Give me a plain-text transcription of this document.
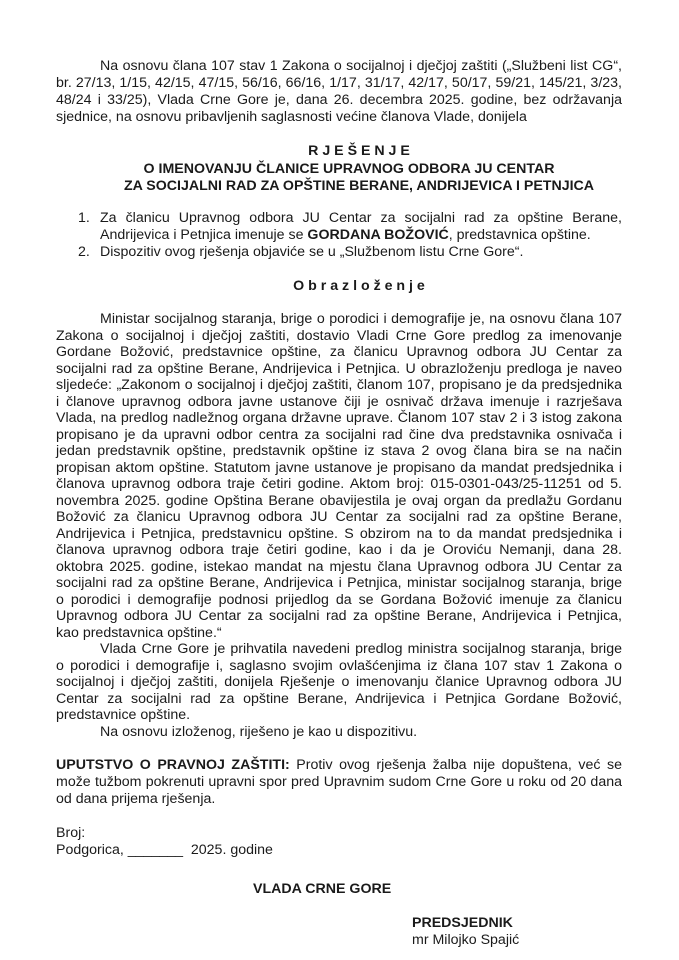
Na osnovu člana 107 stav 1 Zakona o socijalnoj i dječjoj zaštiti („Službeni list CG“,
br. 27/13, 1/15, 42/15, 47/15, 56/16, 66/16, 1/17, 31/17, 42/17, 50/17, 59/21, 145/21, 3/23,
48/24 i 33/25), Vlada Crne Gore je, dana 26. decembra 2025. godine, bez održavanja
sjednice, na osnovu pribavljenih saglasnosti većine članova Vlade, donijela
R J E Š E N J E
O IMENOVANJU ČLANICE UPRAVNOG ODBORA JU CENTAR
ZA SOCIJALNI RAD ZA OPŠTINE BERANE, ANDRIJEVICA I PETNJICA
1. Za članicu Upravnog odbora JU Centar za socijalni rad za opštine Berane,
Andrijevica i Petnjica imenuje se GORDANA BOŽOVIĆ, predstavnica opštine.
2. Dispozitiv ovog rješenja objaviće se u „Službenom listu Crne Gore“.
O b r a z l o ž e n j e
Ministar socijalnog staranja, brige o porodici i demografije je, na osnovu člana 107
Zakona o socijalnoj i dječjoj zaštiti, dostavio Vladi Crne Gore predlog za imenovanje
Gordane Božović, predstavnice opštine, za članicu Upravnog odbora JU Centar za
socijalni rad za opštine Berane, Andrijevica i Petnjica. U obrazloženju predloga je naveo
sljedeće: „Zakonom o socijalnoj i dječjoj zaštiti, članom 107, propisano je da predsjednika
i članove upravnog odbora javne ustanove čiji je osnivač država imenuje i razrješava
Vlada, na predlog nadležnog organa državne uprave. Članom 107 stav 2 i 3 istog zakona
propisano je da upravni odbor centra za socijalni rad čine dva predstavnika osnivača i
jedan predstavnik opštine, predstavnik opštine iz stava 2 ovog člana bira se na način
propisan aktom opštine. Statutom javne ustanove je propisano da mandat predsjednika i
članova upravnog odbora traje četiri godine. Aktom broj: 015-0301-043/25-11251 od 5.
novembra 2025. godine Opština Berane obavijestila je ovaj organ da predlažu Gordanu
Božović za članicu Upravnog odbora JU Centar za socijalni rad za opštine Berane,
Andrijevica i Petnjica, predstavnicu opštine. S obzirom na to da mandat predsjednika i
članova upravnog odbora traje četiri godine, kao i da je Oroviću Nemanji, dana 28.
oktobra 2025. godine, istekao mandat na mjestu člana Upravnog odbora JU Centar za
socijalni rad za opštine Berane, Andrijevica i Petnjica, ministar socijalnog staranja, brige
o porodici i demografije podnosi prijedlog da se Gordana Božović imenuje za članicu
Upravnog odbora JU Centar za socijalni rad za opštine Berane, Andrijevica i Petnjica,
kao predstavnica opštine.“
Vlada Crne Gore je prihvatila navedeni predlog ministra socijalnog staranja, brige
o porodici i demografije i, saglasno svojim ovlašćenjima iz člana 107 stav 1 Zakona o
socijalnoj i dječjoj zaštiti, donijela Rješenje o imenovanju članice Upravnog odbora JU
Centar za socijalni rad za opštine Berane, Andrijevica i Petnjica Gordane Božović,
predstavnice opštine.
Na osnovu izloženog, riješeno je kao u dispozitivu.
UPUTSTVO O PRAVNOJ ZAŠTITI: Protiv ovog rješenja žalba nije dopuštena, već se
može tužbom pokrenuti upravni spor pred Upravnim sudom Crne Gore u roku od 20 dana
od dana prijema rješenja.
Broj:
Podgorica, _______  2025. godine
VLADA CRNE GORE
PREDSJEDNIK
mr Milojko Spajić
